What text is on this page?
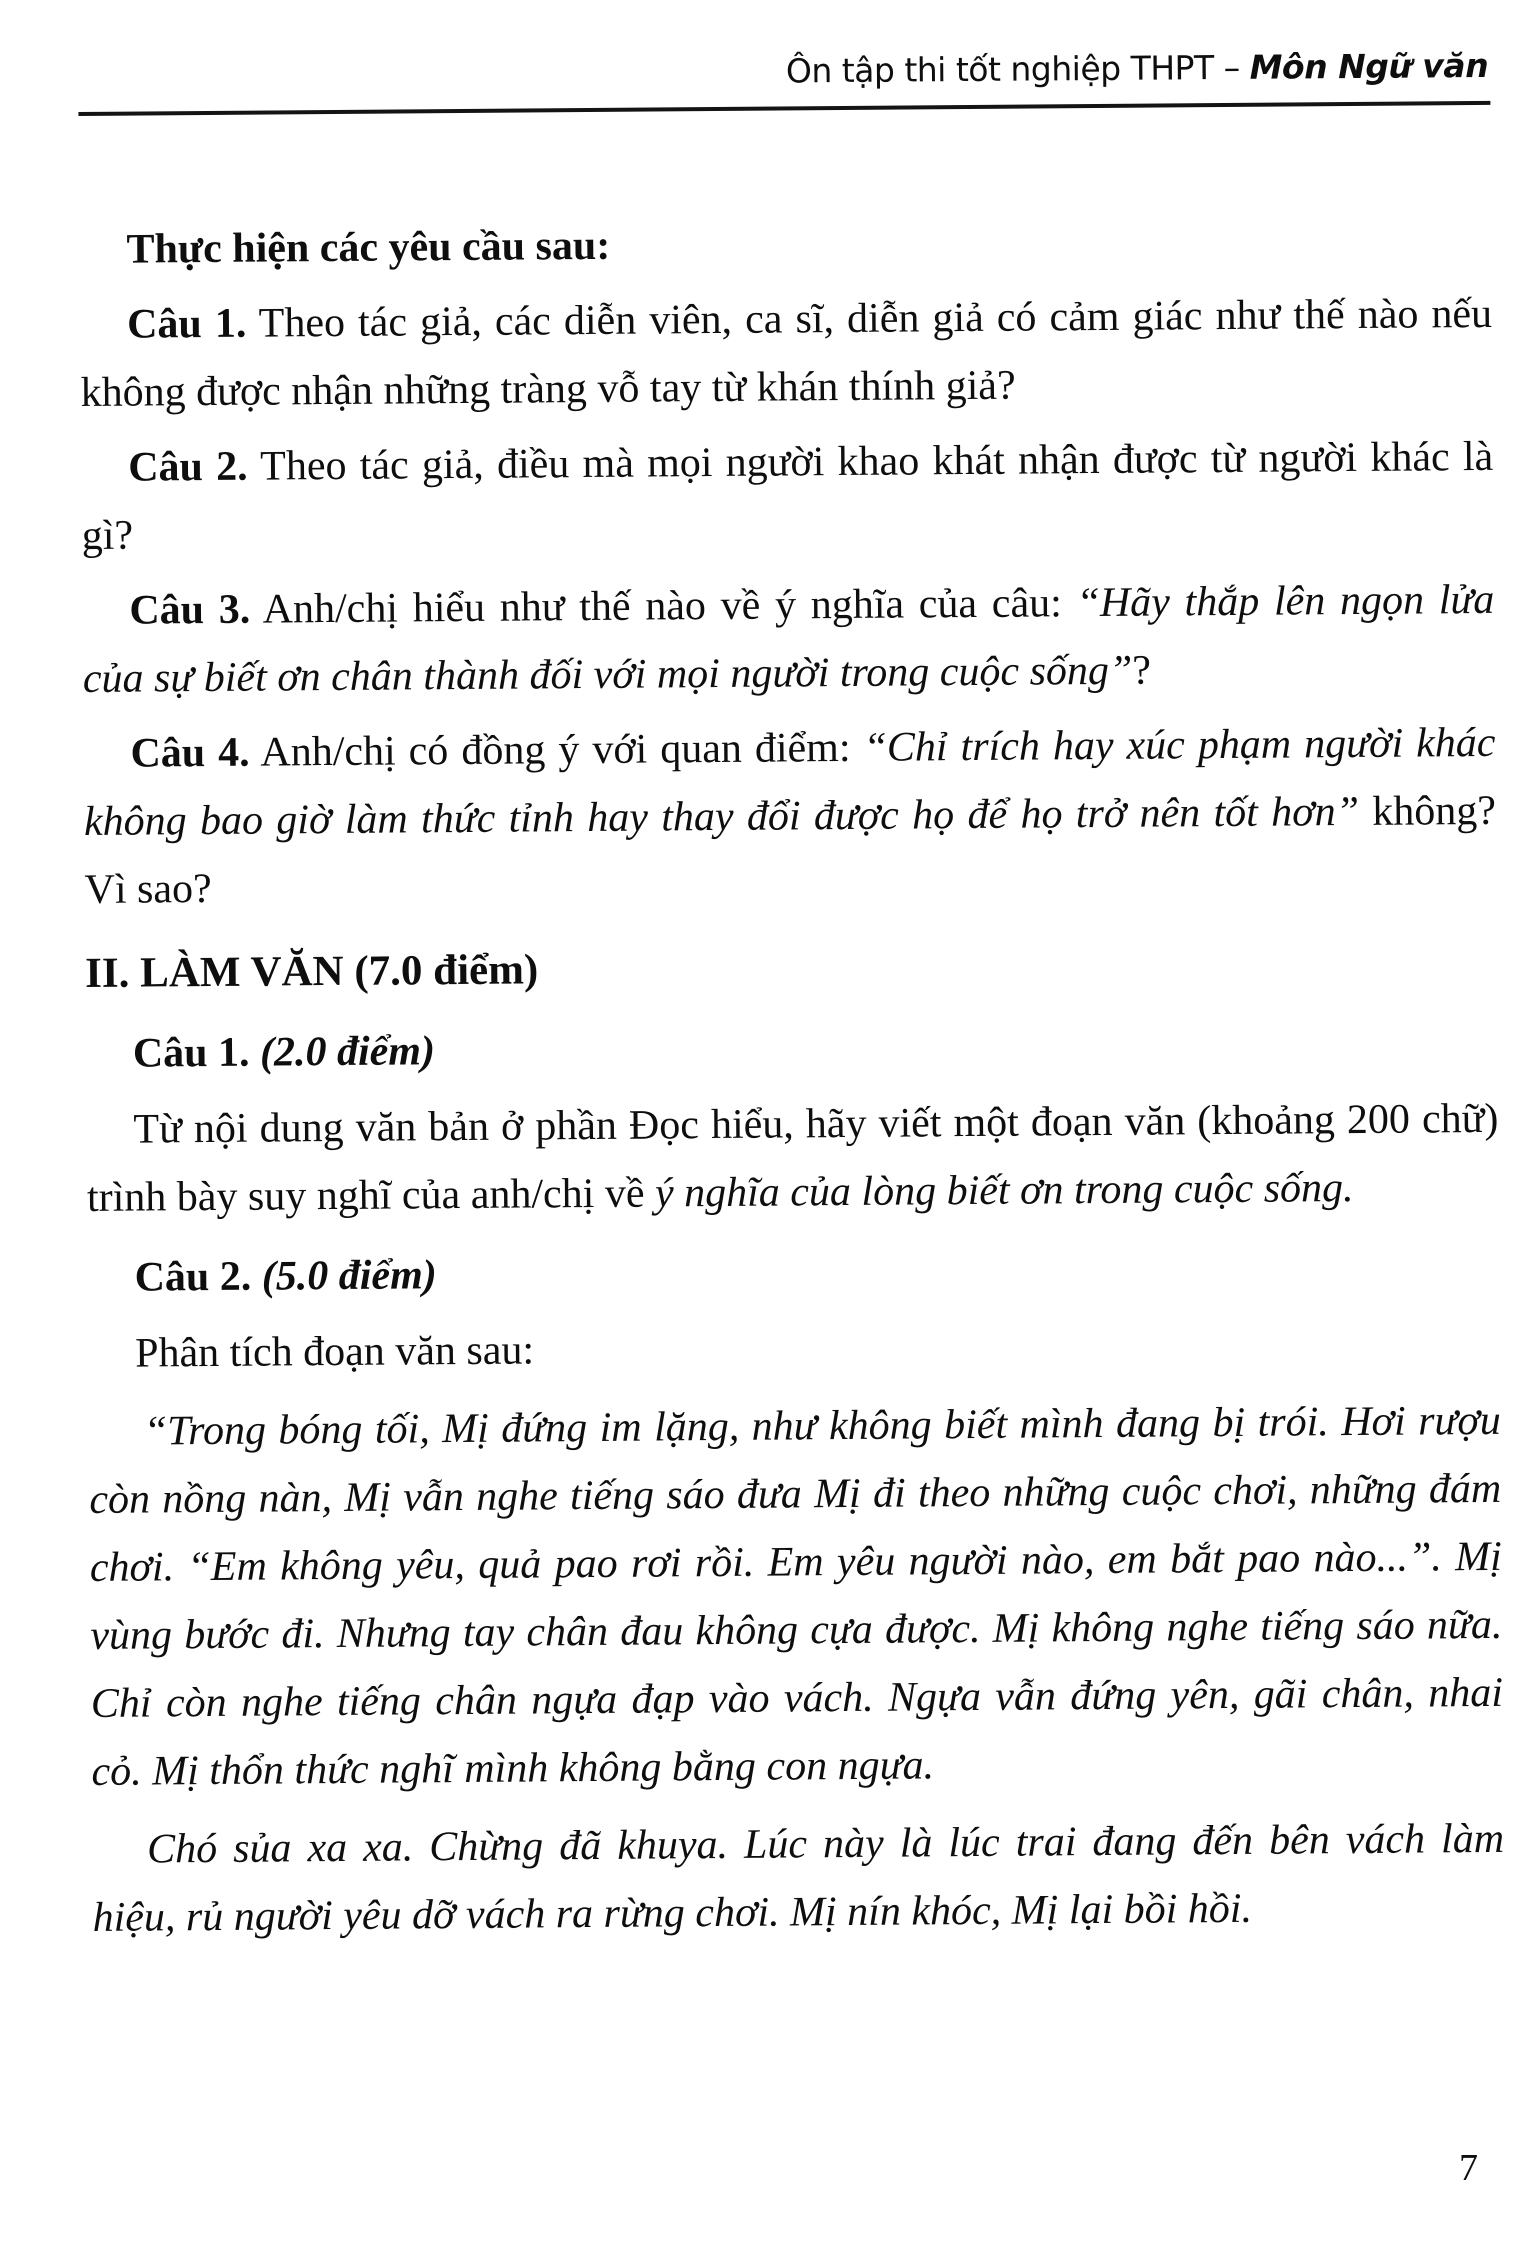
Ôn tập thi tốt nghiệp THPT – Môn Ngữ văn

Thực hiện các yêu cầu sau:

Câu 1. Theo tác giả, các diễn viên, ca sĩ, diễn giả có cảm giác như thế nào nếu không được nhận những tràng vỗ tay từ khán thính giả?

Câu 2. Theo tác giả, điều mà mọi người khao khát nhận được từ người khác là gì?

Câu 3. Anh/chị hiểu như thế nào về ý nghĩa của câu: “Hãy thắp lên ngọn lửa của sự biết ơn chân thành đối với mọi người trong cuộc sống”?

Câu 4. Anh/chị có đồng ý với quan điểm: “Chỉ trích hay xúc phạm người khác không bao giờ làm thức tỉnh hay thay đổi được họ để họ trở nên tốt hơn” không? Vì sao?

II. LÀM VĂN (7.0 điểm)

Câu 1. (2.0 điểm)

Từ nội dung văn bản ở phần Đọc hiểu, hãy viết một đoạn văn (khoảng 200 chữ) trình bày suy nghĩ của anh/chị về ý nghĩa của lòng biết ơn trong cuộc sống.

Câu 2. (5.0 điểm)

Phân tích đoạn văn sau:

“Trong bóng tối, Mị đứng im lặng, như không biết mình đang bị trói. Hơi rượu còn nồng nàn, Mị vẫn nghe tiếng sáo đưa Mị đi theo những cuộc chơi, những đám chơi. “Em không yêu, quả pao rơi rồi. Em yêu người nào, em bắt pao nào...”. Mị vùng bước đi. Nhưng tay chân đau không cựa được. Mị không nghe tiếng sáo nữa. Chỉ còn nghe tiếng chân ngựa đạp vào vách. Ngựa vẫn đứng yên, gãi chân, nhai cỏ. Mị thổn thức nghĩ mình không bằng con ngựa.

Chó sủa xa xa. Chừng đã khuya. Lúc này là lúc trai đang đến bên vách làm hiệu, rủ người yêu dỡ vách ra rừng chơi. Mị nín khóc, Mị lại bồi hồi.

7
